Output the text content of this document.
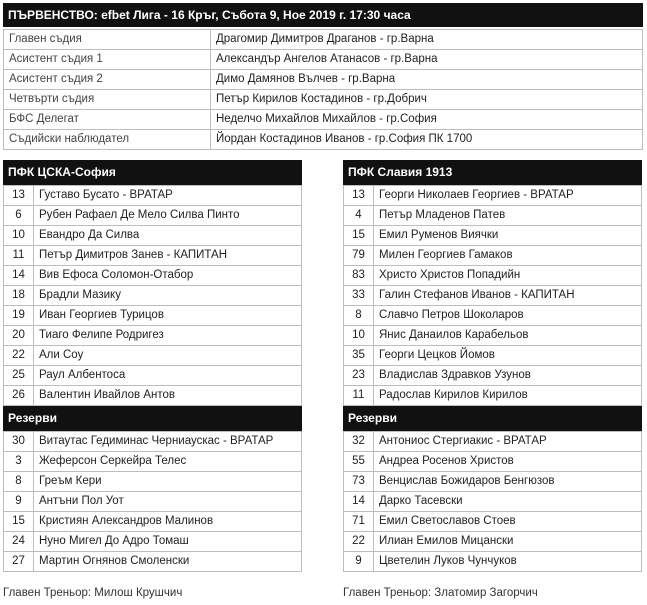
ПЪРВЕНСТВО: efbet Лига - 16 Кръг, Събота 9, Ное 2019 г. 17:30 часа
Главен съдия	Драгомир Димитров Драганов - гр.Варна
Асистент съдия 1	Александър Ангелов Атанасов - гр.Варна
Асистент съдия 2	Димо Дамянов Вълчев - гр.Варна
Четвърти съдия	Петър Кирилов Костадинов - гр.Добрич
БФС Делегат	Неделчо Михайлов Михайлов - гр.София
Съдийски наблюдател	Йордан Костадинов Иванов - гр.София ПК 1700
ПФК ЦСКА-София
13	Густаво Бусато - ВРАТАР
6	Рубен Рафаел Де Мело Силва Пинто
10	Евандро Да Силва
11	Петър Димитров Занев - КАПИТАН
14	Вив Ефоса Соломон-Отабор
18	Брадли Мазику
19	Иван Георгиев Турицов
20	Тиаго Фелипе Родригез
22	Али Соу
25	Раул Албентоса
26	Валентин Ивайлов Антов
Резерви
30	Витаутас Гедиминас Черниаускас - ВРАТАР
3	Жеферсон Серкейра Телес
8	Греъм Кери
9	Антъни Пол Уот
15	Кристиян Александров Малинов
24	Нуно Мигел До Адро Томаш
27	Мартин Огнянов Смоленски
ПФК Славия 1913
13	Георги Николаев Георгиев - ВРАТАР
4	Петър Младенов Патев
15	Емил Руменов Виячки
79	Милен Георгиев Гамаков
83	Христо Христов Попадийн
33	Галин Стефанов Иванов - КАПИТАН
8	Славчо Петров Шокoларов
10	Янис Данаилов Карабельов
35	Георги Цецков Йомов
23	Владислав Здравков Узунов
11	Радослав Кирилов Кирилов
Резерви
32	Антониос Стергиакис - ВРАТАР
55	Андреа Росенов Христов
73	Венцислав Божидаров Бенгюзов
14	Дарко Тасевски
71	Емил Светославов Стоев
22	Илиан Емилов Мицански
9	Цветелин Луков Чунчуков
Главен Треньор: Милош Крушчич	Главен Треньор: Златомир Загорчич
